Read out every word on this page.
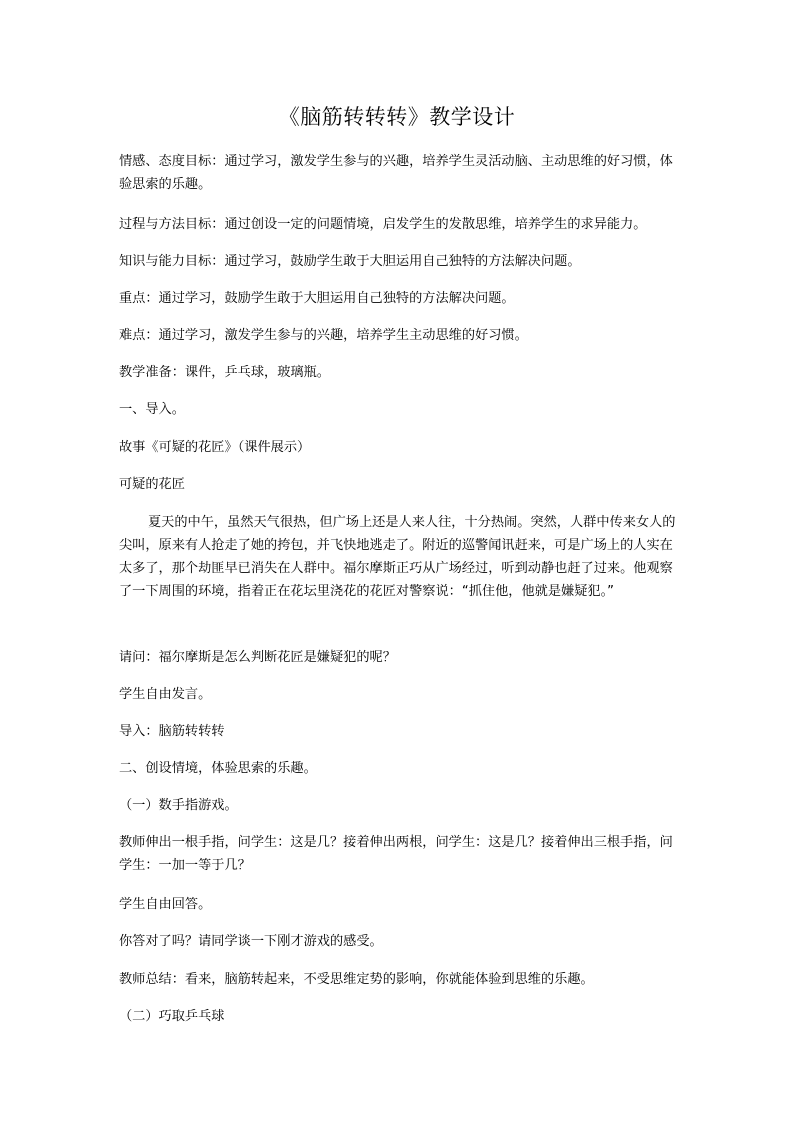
《脑筋转转转》教学设计
情感、态度目标：通过学习，激发学生参与的兴趣，培养学生灵活动脑、主动思维的好习惯，体验思索的乐趣。
过程与方法目标：通过创设一定的问题情境，启发学生的发散思维，培养学生的求异能力。
知识与能力目标：通过学习，鼓励学生敢于大胆运用自己独特的方法解决问题。
重点：通过学习，鼓励学生敢于大胆运用自己独特的方法解决问题。
难点：通过学习，激发学生参与的兴趣，培养学生主动思维的好习惯。
教学准备：课件，乒乓球，玻璃瓶。
一、导入。
故事《可疑的花匠》（课件展示）
可疑的花匠
夏天的中午，虽然天气很热，但广场上还是人来人往，十分热闹。突然，人群中传来女人的尖叫，原来有人抢走了她的挎包，并飞快地逃走了。附近的巡警闻讯赶来，可是广场上的人实在太多了，那个劫匪早已消失在人群中。福尔摩斯正巧从广场经过，听到动静也赶了过来。他观察了一下周围的环境，指着正在花坛里浇花的花匠对警察说：“抓住他，他就是嫌疑犯。”
请问：福尔摩斯是怎么判断花匠是嫌疑犯的呢？
学生自由发言。
导入：脑筋转转转
二、创设情境，体验思索的乐趣。
（一）数手指游戏。
教师伸出一根手指，问学生：这是几？接着伸出两根，问学生：这是几？接着伸出三根手指，问学生：一加一等于几？
学生自由回答。
你答对了吗？请同学谈一下刚才游戏的感受。
教师总结：看来，脑筋转起来，不受思维定势的影响，你就能体验到思维的乐趣。
（二）巧取乒乓球
